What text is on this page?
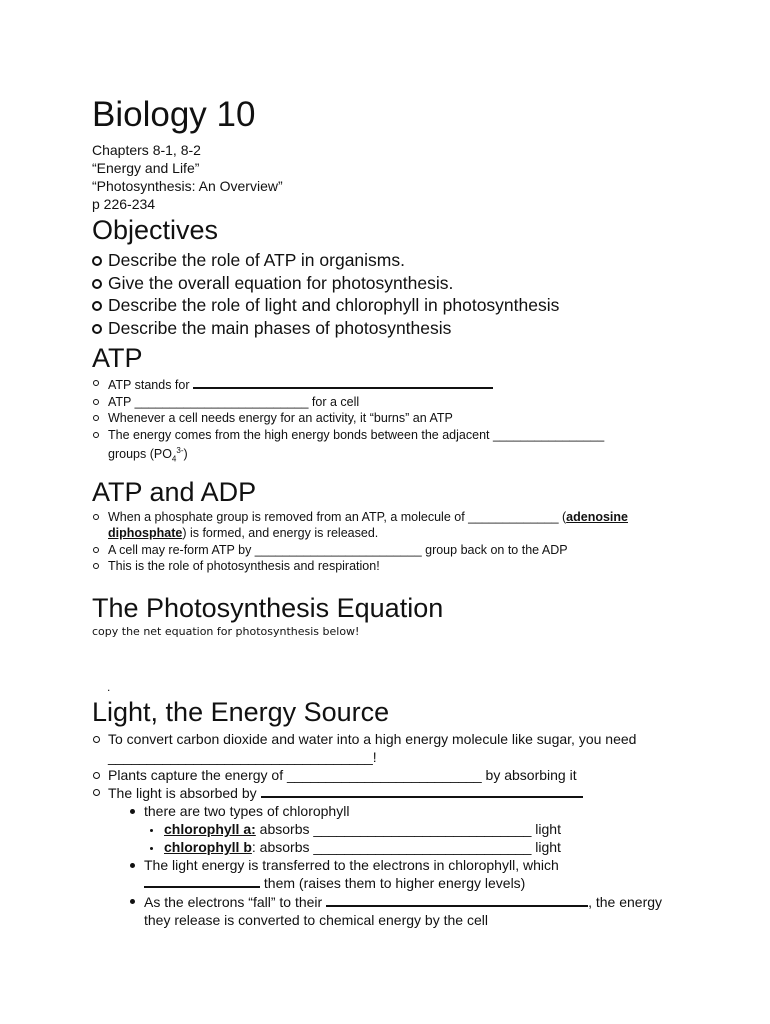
Biology 10
Chapters 8-1, 8-2
“Energy and Life”
“Photosynthesis: An Overview”
p 226-234
Objectives
Describe the role of ATP in organisms.
Give the overall equation for photosynthesis.
Describe the role of light and chlorophyll in photosynthesis
Describe the main phases of photosynthesis
ATP
ATP stands for
ATP _________________________ for a cell
Whenever a cell needs energy for an activity, it “burns” an ATP
The energy comes from the high energy bonds between the adjacent ________________
groups $(PO_4^{3-})$
ATP and ADP
When a phosphate group is removed from an ATP, a molecule of _____________ (adenosine
diphosphate) is formed, and energy is released.
A cell may re-form ATP by ________________________ group back on to the ADP
This is the role of photosynthesis and respiration!
The Photosynthesis Equation
copy the net equation for photosynthesis below!
.
Light, the Energy Source
To convert carbon dioxide and water into a high energy molecule like sugar, you need
__________________________________!
Plants capture the energy of _________________________ by absorbing it
The light is absorbed by
there are two types of chlorophyll
chlorophyll a: absorbs ____________________________ light
chlorophyll b: absorbs ____________________________ light
The light energy is transferred to the electrons in chlorophyll, which
them (raises them to higher energy levels)
As the electrons “fall” to their	, the energy
they release is converted to chemical energy by the cell
